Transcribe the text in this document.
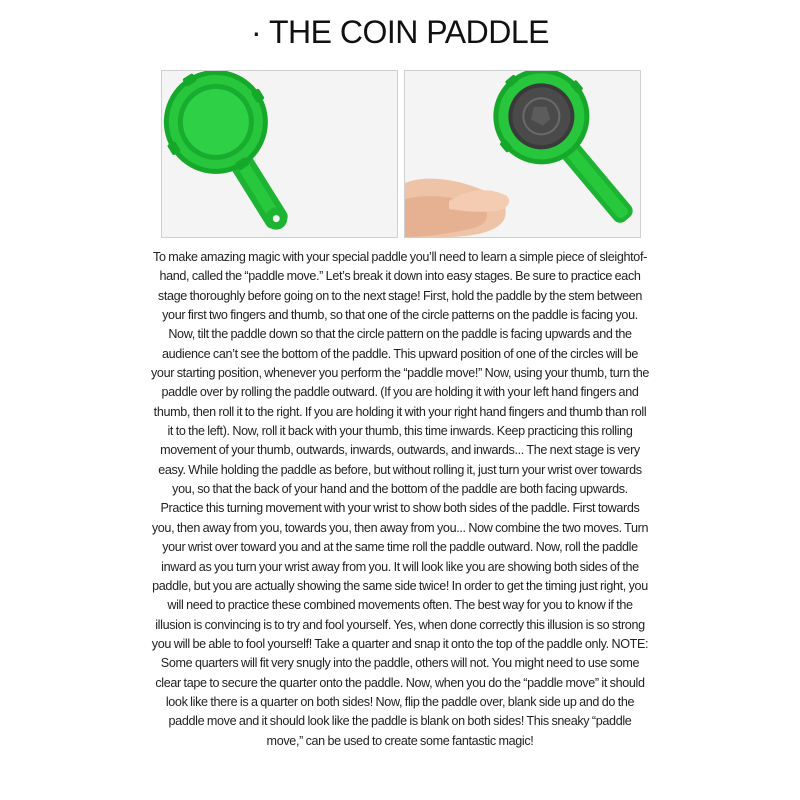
· THE COIN PADDLE

To make amazing magic with your special paddle you’ll need to learn a simple piece of sleightof-hand, called the “paddle move.” Let’s break it down into easy stages. Be sure to practice each stage thoroughly before going on to the next stage! First, hold the paddle by the stem between your first two fingers and thumb, so that one of the circle patterns on the paddle is facing you. Now, tilt the paddle down so that the circle pattern on the paddle is facing upwards and the audience can’t see the bottom of the paddle. This upward position of one of the circles will be your starting position, whenever you perform the “paddle move!” Now, using your thumb, turn the paddle over by rolling the paddle outward. (If you are holding it with your left hand fingers and thumb, then roll it to the right. If you are holding it with your right hand fingers and thumb than roll it to the left). Now, roll it back with your thumb, this time inwards. Keep practicing this rolling movement of your thumb, outwards, inwards, outwards, and inwards... The next stage is very easy. While holding the paddle as before, but without rolling it, just turn your wrist over towards you, so that the back of your hand and the bottom of the paddle are both facing upwards. Practice this turning movement with your wrist to show both sides of the paddle. First towards you, then away from you, towards you, then away from you... Now combine the two moves. Turn your wrist over toward you and at the same time roll the paddle outward. Now, roll the paddle inward as you turn your wrist away from you. It will look like you are showing both sides of the paddle, but you are actually showing the same side twice! In order to get the timing just right, you will need to practice these combined movements often. The best way for you to know if the illusion is convincing is to try and fool yourself. Yes, when done correctly this illusion is so strong you will be able to fool yourself! Take a quarter and snap it onto the top of the paddle only. NOTE: Some quarters will fit very snugly into the paddle, others will not. You might need to use some clear tape to secure the quarter onto the paddle. Now, when you do the “paddle move” it should look like there is a quarter on both sides! Now, flip the paddle over, blank side up and do the paddle move and it should look like the paddle is blank on both sides! This sneaky “paddle move,” can be used to create some fantastic magic!
